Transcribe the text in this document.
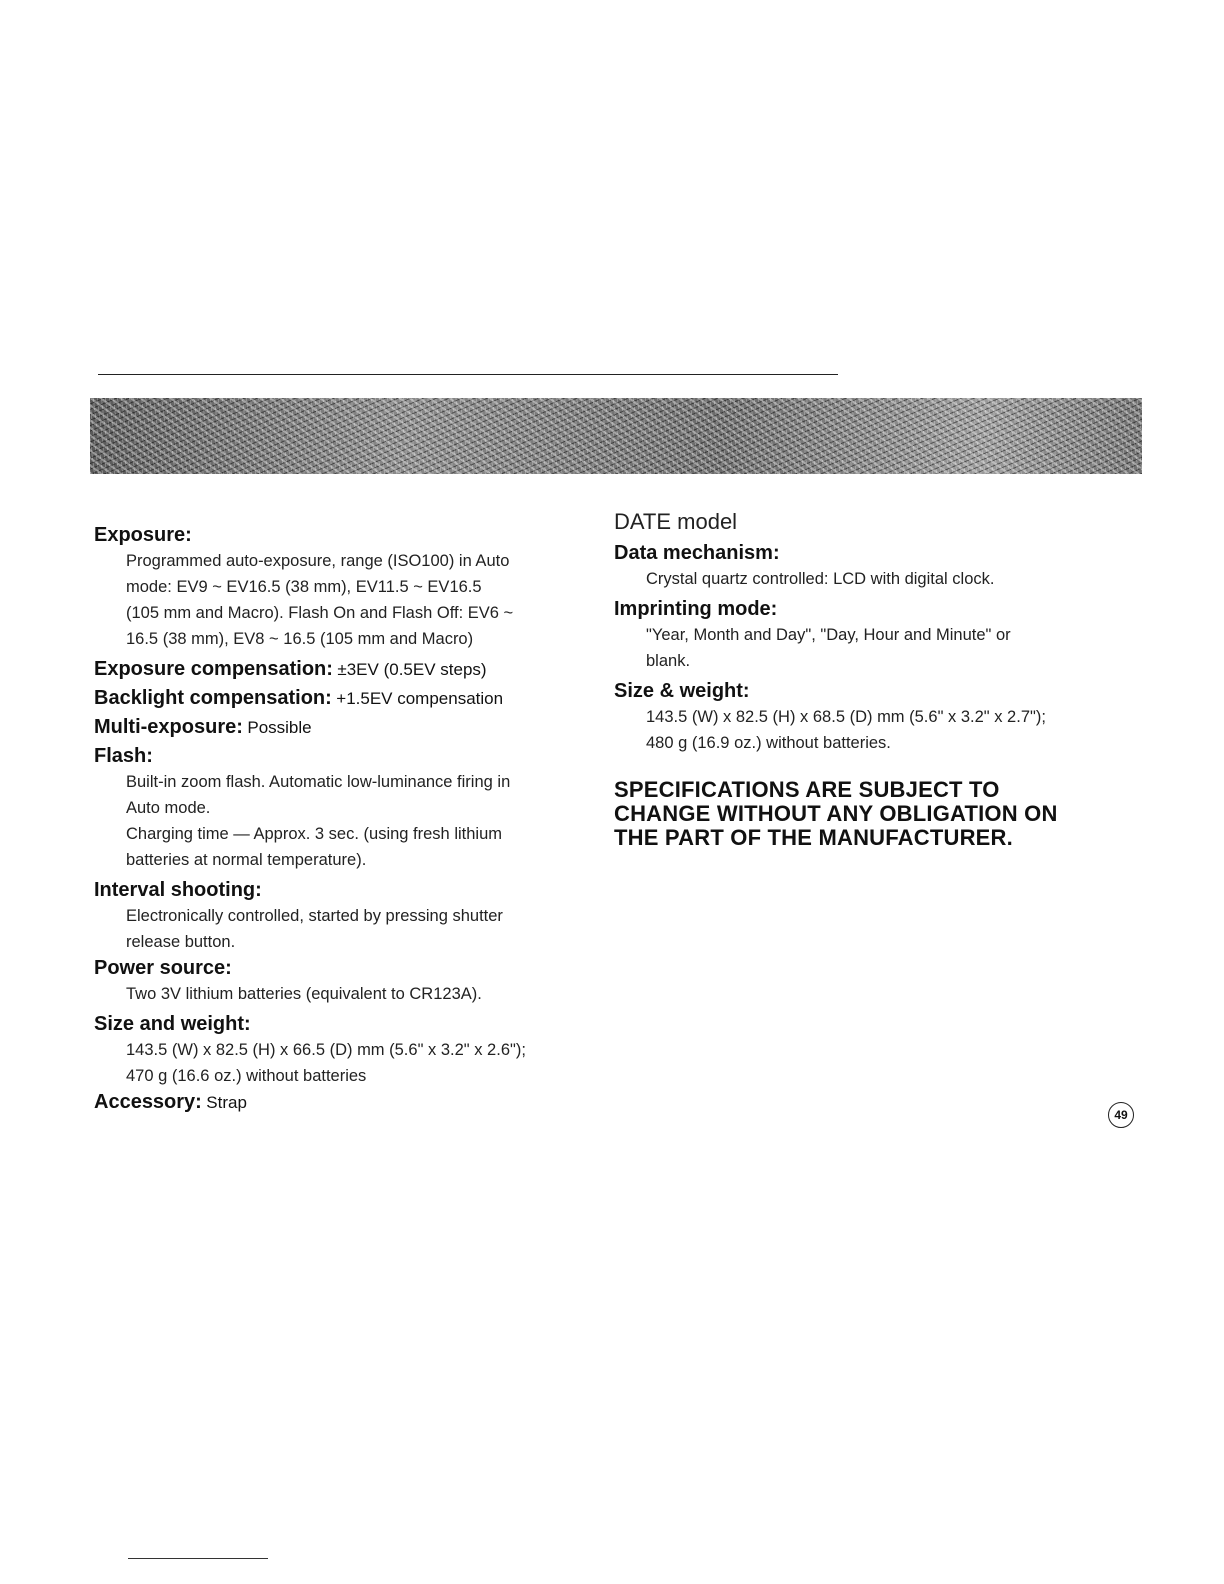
Exposure:
Programmed auto-exposure, range (ISO100) in Auto
mode: EV9 ~ EV16.5 (38 mm), EV11.5 ~ EV16.5
(105 mm and Macro). Flash On and Flash Off: EV6 ~
16.5 (38 mm), EV8 ~ 16.5 (105 mm and Macro)
Exposure compensation: ±3EV (0.5EV steps)
Backlight compensation: +1.5EV compensation
Multi-exposure: Possible
Flash:
Built-in zoom flash. Automatic low-luminance firing in
Auto mode.
Charging time — Approx. 3 sec. (using fresh lithium
batteries at normal temperature).
Interval shooting:
Electronically controlled, started by pressing shutter
release button.
Power source:
Two 3V lithium batteries (equivalent to CR123A).
Size and weight:
143.5 (W) x 82.5 (H) x 66.5 (D) mm (5.6" x 3.2" x 2.6");
470 g (16.6 oz.) without batteries
Accessory: Strap
DATE model
Data mechanism:
Crystal quartz controlled: LCD with digital clock.
Imprinting mode:
"Year, Month and Day", "Day, Hour and Minute" or
blank.
Size & weight:
143.5 (W) x 82.5 (H) x 68.5 (D) mm (5.6" x 3.2" x 2.7");
480 g (16.9 oz.) without batteries.
SPECIFICATIONS ARE SUBJECT TO CHANGE WITHOUT ANY OBLIGATION ON THE PART OF THE MANUFACTURER.
49
